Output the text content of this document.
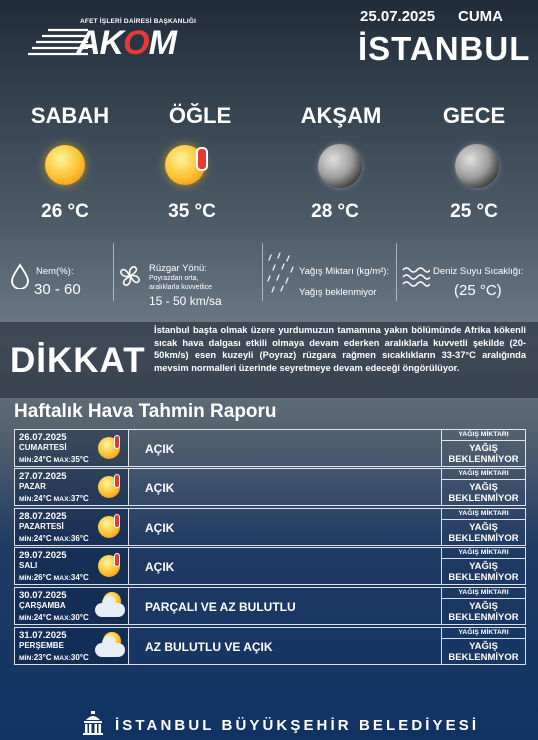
AFET İŞLERİ DAİRESİ BAŞKANLIĞI
AKOM
25.07.2025 CUMA
İSTANBUL
SABAH
26 °C
ÖĞLE
35 °C
AKŞAM
28 °C
GECE
25 °C
Nem(%):
30 - 60
Rüzgar Yönü:
Poyrazdan orta,
aralıklarla kuvvetlice
15 - 50 km/sa
Yağış Miktarı (kg/m²):
Yağış beklenmiyor
Deniz Suyu Sıcaklığı:
(25 °C)
DİKKAT
İstanbul başta olmak üzere yurdumuzun tamamına yakın bölümünde Afrika kökenli sıcak hava dalgası etkili olmaya devam ederken aralıklarla kuvvetli şekilde (20-50km/s) esen kuzeyli (Poyraz) rüzgara rağmen sıcaklıkların 33-37°C aralığında mevsim normalleri üzerinde seyretmeye devam edeceği öngörülüyor.
Haftalık Hava Tahmin Raporu
26.07.2025
CUMARTESİ
MİN:24°C MAX:35°C
AÇIK
YAĞIŞ MİKTARI
YAĞIŞ BEKLENMİYOR
27.07.2025
PAZAR
MİN:24°C MAX:37°C
AÇIK
YAĞIŞ MİKTARI
YAĞIŞ BEKLENMİYOR
28.07.2025
PAZARTESİ
MİN:24°C MAX:36°C
AÇIK
YAĞIŞ MİKTARI
YAĞIŞ BEKLENMİYOR
29.07.2025
SALI
MİN:26°C MAX:34°C
AÇIK
YAĞIŞ MİKTARI
YAĞIŞ BEKLENMİYOR
30.07.2025
ÇARŞAMBA
MİN:24°C MAX:30°C
PARÇALI VE AZ BULUTLU
YAĞIŞ MİKTARI
YAĞIŞ BEKLENMİYOR
31.07.2025
PERŞEMBE
MİN:23°C MAX:30°C
AZ BULUTLU VE AÇIK
YAĞIŞ MİKTARI
YAĞIŞ BEKLENMİYOR
İSTANBUL BÜYÜKŞEHİR BELEDİYESİ
